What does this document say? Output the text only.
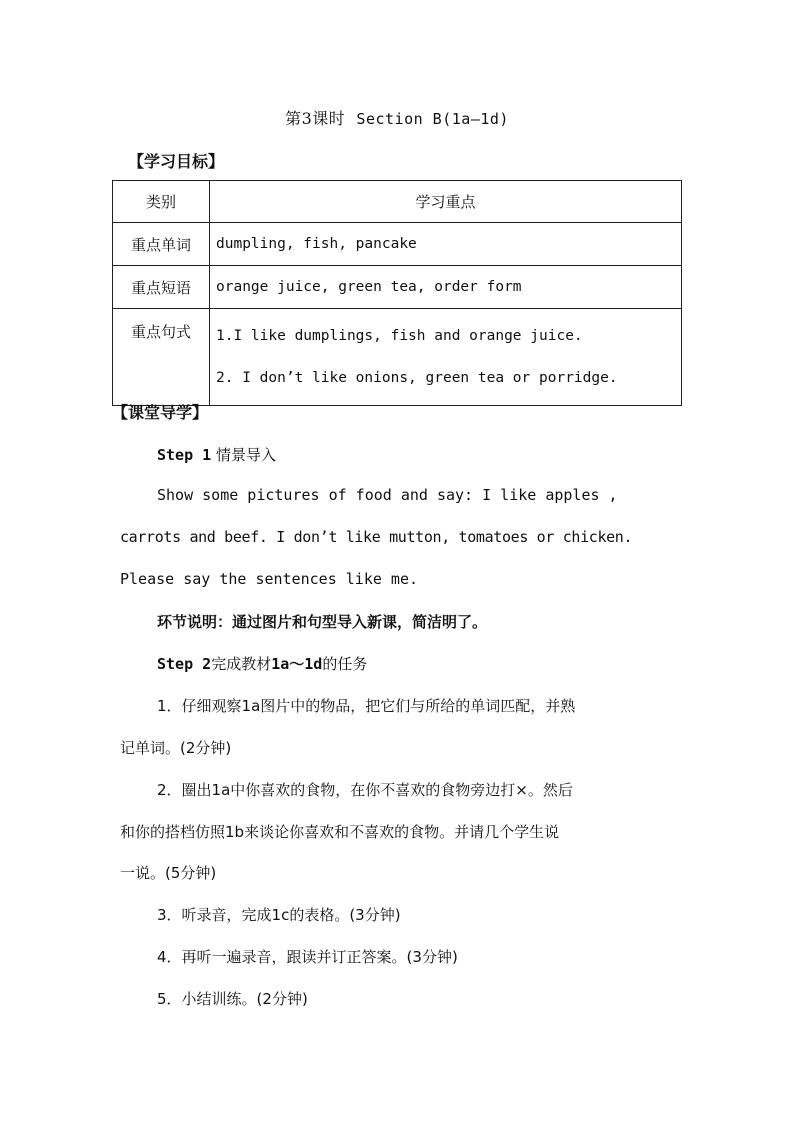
第3课时 Section B(1a—1d)
【学习目标】
类别	学习重点
重点单词	dumpling, fish, pancake
重点短语	orange juice, green tea, order form
重点句式	1.I like dumplings, fish and orange juice.
2. I don’t like onions, green tea or porridge.
【课堂导学】
Step 1 情景导入
Show some pictures of food and say: I like apples ,
carrots and beef. I don’t like mutton, tomatoes or chicken.
Please say the sentences like me.
环节说明：通过图片和句型导入新课，简洁明了。
Step 2完成教材1a～1d的任务
1．仔细观察1a图片中的物品，把它们与所给的单词匹配，并熟
记单词。(2分钟)
2．圈出1a中你喜欢的食物，在你不喜欢的食物旁边打×。然后
和你的搭档仿照1b来谈论你喜欢和不喜欢的食物。并请几个学生说
一说。(5分钟)
3．听录音，完成1c的表格。(3分钟)
4．再听一遍录音，跟读并订正答案。(3分钟)
5．小结训练。(2分钟)
